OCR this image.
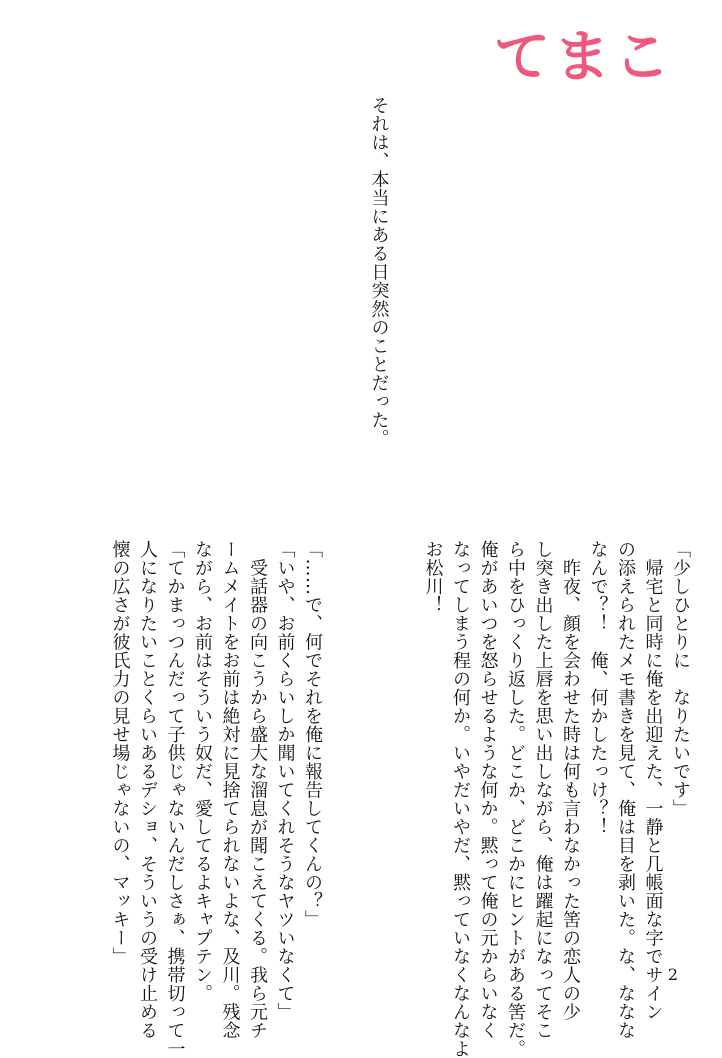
てまこ
それは、本当にある日突然のことだった。
「少しひとりに　なりたいです」
　帰宅と同時に俺を出迎えた、一静と几帳面な字でサイン
の添えられたメモ書きを見て、俺は目を剥いた。な、ななな
なんで？！　俺、何かしたっけ？！
　昨夜、顔を会わせた時は何も言わなかった筈の恋人の少
し突き出した上唇を思い出しながら、俺は躍起になってそこ
ら中をひっくり返した。どこか、どこかにヒントがある筈だ。
俺があいつを怒らせるような何か。黙って俺の元からいなく
なってしまう程の何か。いやだいやだ、黙っていなくなんなよ
お松川！
「……で、何でそれを俺に報告してくんの？」
「いや、お前くらいしか聞いてくれそうなヤツいなくて」
　受話器の向こうから盛大な溜息が聞こえてくる。我ら元チ
ームメイトをお前は絶対に見捨てられないよな、及川。残念
ながら、お前はそういう奴だ、愛してるよキャプテン。
「てかまっつんだって子供じゃないんだしさぁ、携帯切って一
人になりたいことくらいあるデショ、そういうの受け止める
懐の広さが彼氏力の見せ場じゃないの、マッキー」
2
